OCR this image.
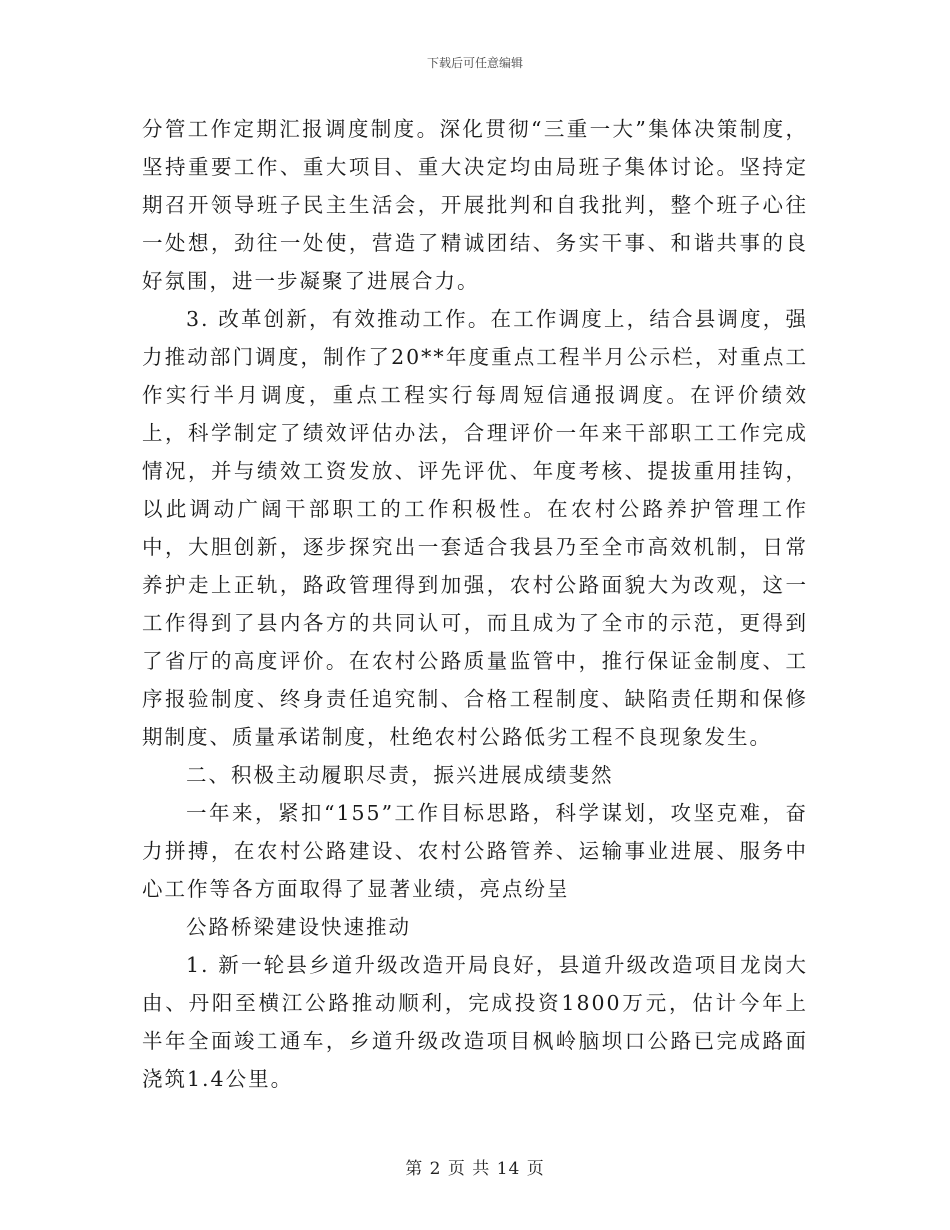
下载后可任意编辑

分管工作定期汇报调度制度。深化贯彻“三重一大”集体决策制度，坚持重要工作、重大项目、重大决定均由局班子集体讨论。坚持定期召开领导班子民主生活会，开展批判和自我批判，整个班子心往一处想，劲往一处使，营造了精诚团结、务实干事、和谐共事的良好氛围，进一步凝聚了进展合力。

3. 改革创新，有效推动工作。在工作调度上，结合县调度，强力推动部门调度，制作了20**年度重点工程半月公示栏，对重点工作实行半月调度，重点工程实行每周短信通报调度。在评价绩效上，科学制定了绩效评估办法，合理评价一年来干部职工工作完成情况，并与绩效工资发放、评先评优、年度考核、提拔重用挂钩，以此调动广阔干部职工的工作积极性。在农村公路养护管理工作中，大胆创新，逐步探究出一套适合我县乃至全市高效机制，日常养护走上正轨，路政管理得到加强，农村公路面貌大为改观，这一工作得到了县内各方的共同认可，而且成为了全市的示范，更得到了省厅的高度评价。在农村公路质量监管中，推行保证金制度、工序报验制度、终身责任追究制、合格工程制度、缺陷责任期和保修期制度、质量承诺制度，杜绝农村公路低劣工程不良现象发生。

二、积极主动履职尽责，振兴进展成绩斐然

一年来，紧扣“155”工作目标思路，科学谋划，攻坚克难，奋力拼搏，在农村公路建设、农村公路管养、运输事业进展、服务中心工作等各方面取得了显著业绩，亮点纷呈

公路桥梁建设快速推动

1. 新一轮县乡道升级改造开局良好，县道升级改造项目龙岗大由、丹阳至横江公路推动顺利，完成投资1800万元，估计今年上半年全面竣工通车，乡道升级改造项目枫岭脑坝口公路已完成路面浇筑1.4公里。

第 2 页 共 14 页
